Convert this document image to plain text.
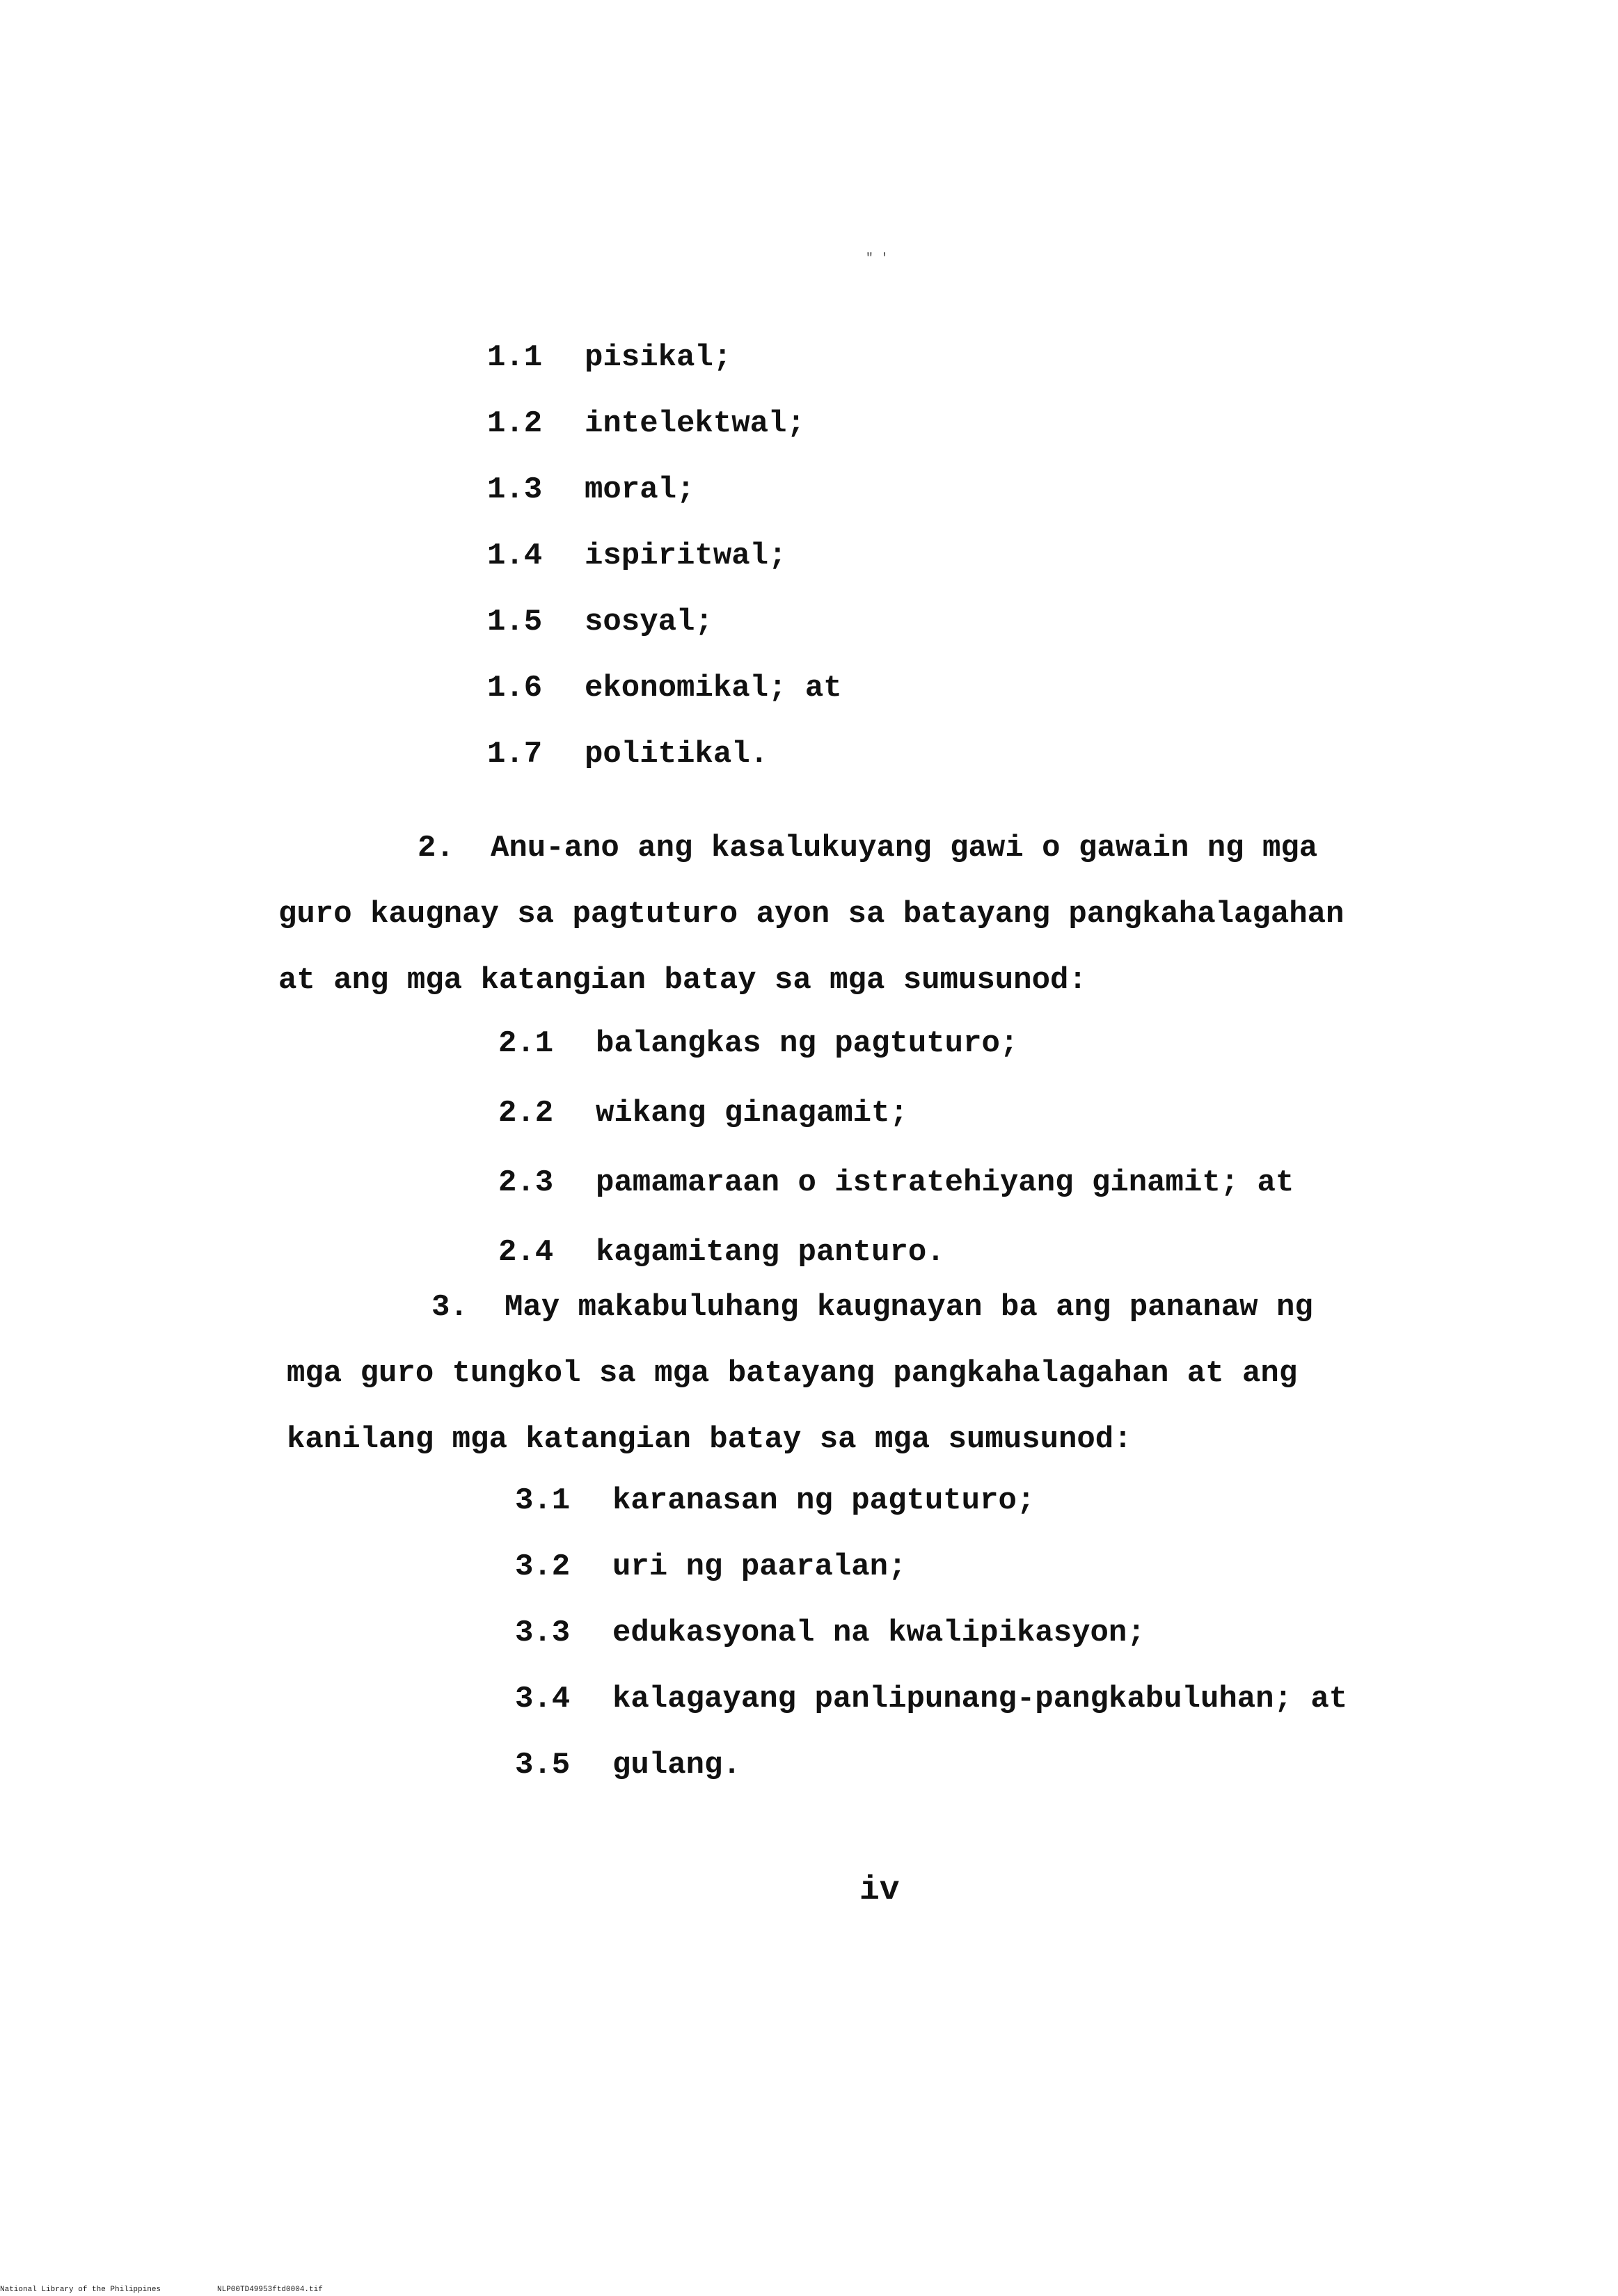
" '
1.1	pisikal;
1.2	intelektwal;
1.3	moral;
1.4	ispiritwal;
1.5	sosyal;
1.6	ekonomikal; at
1.7	politikal.
2. Anu-ano ang kasalukuyang gawi o gawain ng mga
guro kaugnay sa pagtuturo ayon sa batayang pangkahalagahan
at ang mga katangian batay sa mga sumusunod:
2.1	balangkas ng pagtuturo;
2.2	wikang ginagamit;
2.3	pamamaraan o istratehiyang ginamit; at
2.4	kagamitang panturo.
3. May makabuluhang kaugnayan ba ang pananaw ng
mga guro tungkol sa mga batayang pangkahalagahan at ang
kanilang mga katangian batay sa mga sumusunod:
3.1	karanasan ng pagtuturo;
3.2	uri ng paaralan;
3.3	edukasyonal na kwalipikasyon;
3.4	kalagayang panlipunang-pangkabuluhan; at
3.5	gulang.
iv
National Library of the Philippines	NLP00TD49953ftd0004.tif
